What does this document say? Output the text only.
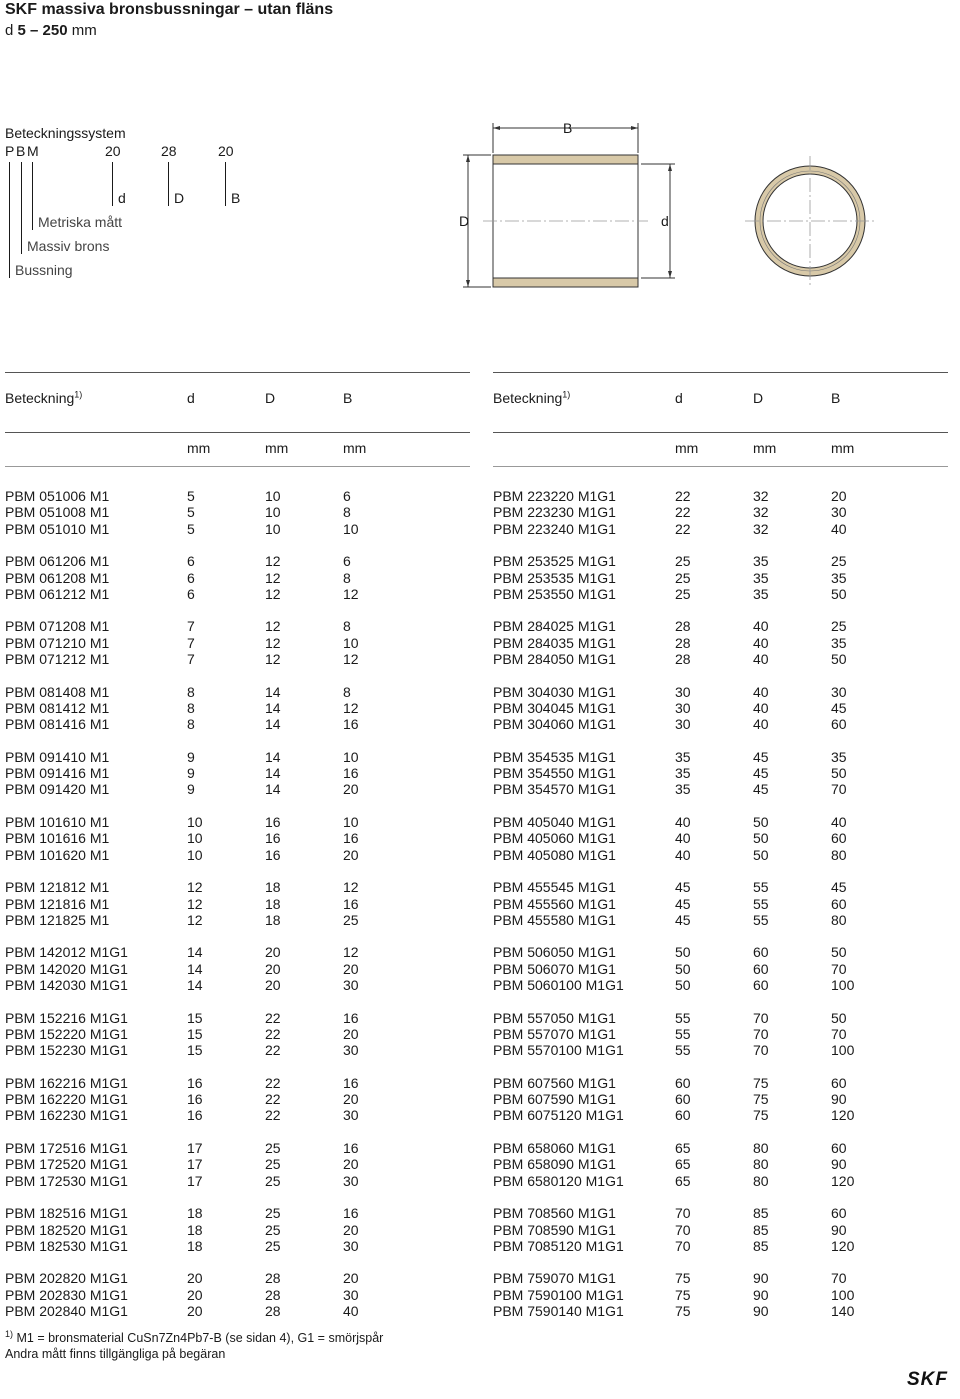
SKF massiva bronsbussningar – utan fläns
d 5 – 250 mm
Beteckningssystem
P B M	20	28	20
d	D	B
Metriska mått
Massiv brons
Bussning
B
D	d
Beteckning$^{1)}$	d	D	B
mm	mm	mm
Beteckning$^{1)}$	d	D	B
mm	mm	mm
PBM 051006 M1	5	10	6
PBM 051008 M1	5	10	8
PBM 051010 M1	5	10	10
PBM 061206 M1	6	12	6
PBM 061208 M1	6	12	8
PBM 061212 M1	6	12	12
PBM 071208 M1	7	12	8
PBM 071210 M1	7	12	10
PBM 071212 M1	7	12	12
PBM 081408 M1	8	14	8
PBM 081412 M1	8	14	12
PBM 081416 M1	8	14	16
PBM 091410 M1	9	14	10
PBM 091416 M1	9	14	16
PBM 091420 M1	9	14	20
PBM 101610 M1	10	16	10
PBM 101616 M1	10	16	16
PBM 101620 M1	10	16	20
PBM 121812 M1	12	18	12
PBM 121816 M1	12	18	16
PBM 121825 M1	12	18	25
PBM 142012 M1G1	14	20	12
PBM 142020 M1G1	14	20	20
PBM 142030 M1G1	14	20	30
PBM 152216 M1G1	15	22	16
PBM 152220 M1G1	15	22	20
PBM 152230 M1G1	15	22	30
PBM 162216 M1G1	16	22	16
PBM 162220 M1G1	16	22	20
PBM 162230 M1G1	16	22	30
PBM 172516 M1G1	17	25	16
PBM 172520 M1G1	17	25	20
PBM 172530 M1G1	17	25	30
PBM 182516 M1G1	18	25	16
PBM 182520 M1G1	18	25	20
PBM 182530 M1G1	18	25	30
PBM 202820 M1G1	20	28	20
PBM 202830 M1G1	20	28	30
PBM 202840 M1G1	20	28	40
PBM 223220 M1G1	22	32	20
PBM 223230 M1G1	22	32	30
PBM 223240 M1G1	22	32	40
PBM 253525 M1G1	25	35	25
PBM 253535 M1G1	25	35	35
PBM 253550 M1G1	25	35	50
PBM 284025 M1G1	28	40	25
PBM 284035 M1G1	28	40	35
PBM 284050 M1G1	28	40	50
PBM 304030 M1G1	30	40	30
PBM 304045 M1G1	30	40	45
PBM 304060 M1G1	30	40	60
PBM 354535 M1G1	35	45	35
PBM 354550 M1G1	35	45	50
PBM 354570 M1G1	35	45	70
PBM 405040 M1G1	40	50	40
PBM 405060 M1G1	40	50	60
PBM 405080 M1G1	40	50	80
PBM 455545 M1G1	45	55	45
PBM 455560 M1G1	45	55	60
PBM 455580 M1G1	45	55	80
PBM 506050 M1G1	50	60	50
PBM 506070 M1G1	50	60	70
PBM 5060100 M1G1	50	60	100
PBM 557050 M1G1	55	70	50
PBM 557070 M1G1	55	70	70
PBM 5570100 M1G1	55	70	100
PBM 607560 M1G1	60	75	60
PBM 607590 M1G1	60	75	90
PBM 6075120 M1G1	60	75	120
PBM 658060 M1G1	65	80	60
PBM 658090 M1G1	65	80	90
PBM 6580120 M1G1	65	80	120
PBM 708560 M1G1	70	85	60
PBM 708590 M1G1	70	85	90
PBM 7085120 M1G1	70	85	120
PBM 759070 M1G1	75	90	70
PBM 7590100 M1G1	75	90	100
PBM 7590140 M1G1	75	90	140
$^{1)}$ M1 = bronsmaterial CuSn7Zn4Pb7-B (se sidan 4), G1 = smörjspår
Andra mått finns tillgängliga på begäran
SKF
